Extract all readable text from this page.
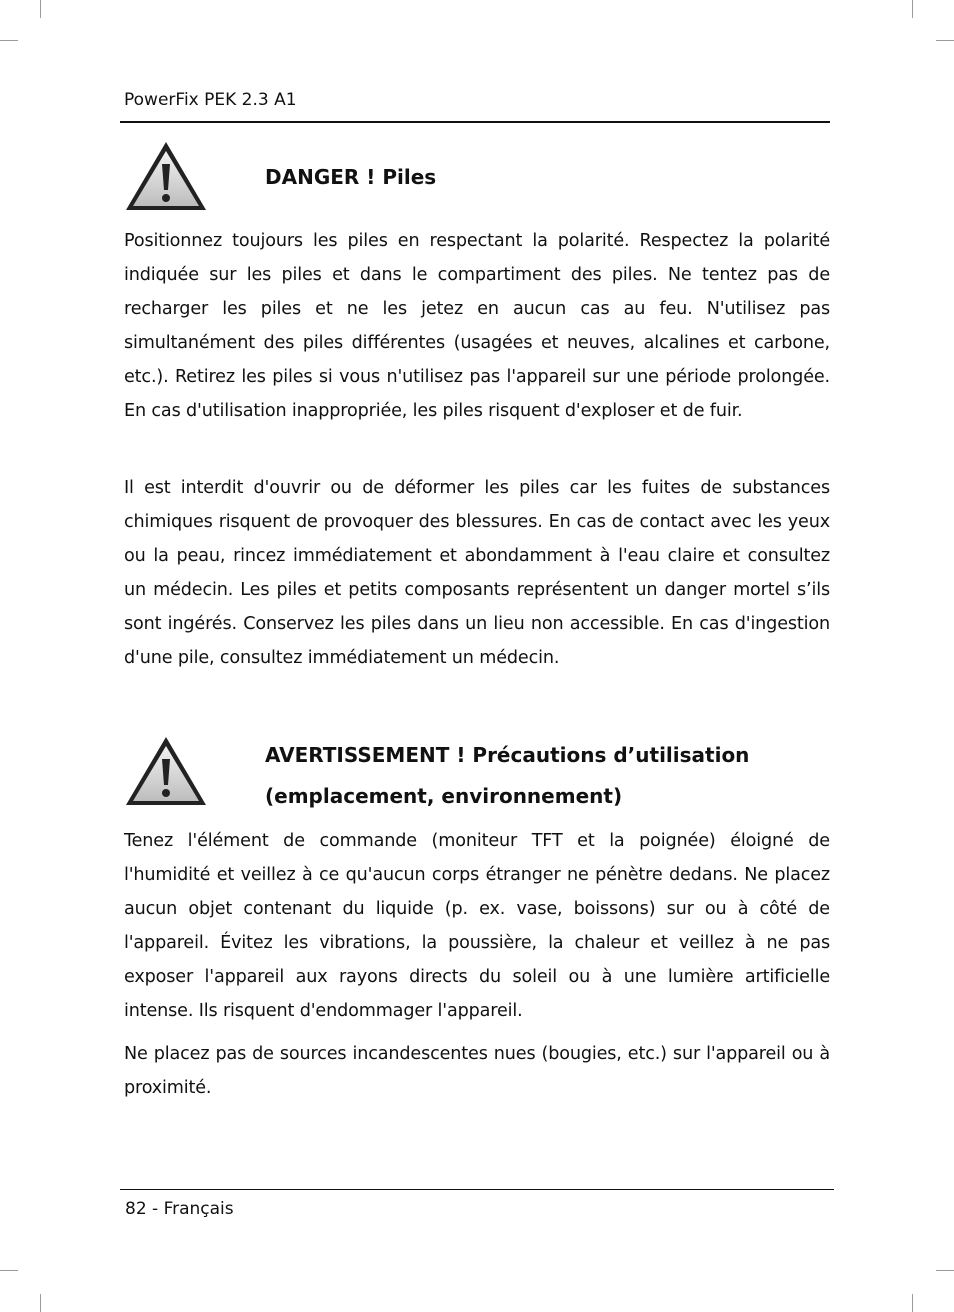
PowerFix PEK 2.3 A1
DANGER ! Piles

Positionnez toujours les piles en respectant la polarité. Respectez la polarité indiquée sur les piles et dans le compartiment des piles. Ne tentez pas de recharger les piles et ne les jetez en aucun cas au feu. N'utilisez pas simultanément des piles différentes (usagées et neuves, alcalines et carbone, etc.). Retirez les piles si vous n'utilisez pas l'appareil sur une période prolongée. En cas d'utilisation inappropriée, les piles risquent d'exploser et de fuir.

Il est interdit d'ouvrir ou de déformer les piles car les fuites de substances chimiques risquent de provoquer des blessures. En cas de contact avec les yeux ou la peau, rincez immédiatement et abondamment à l'eau claire et consultez un médecin. Les piles et petits composants représentent un danger mortel s’ils sont ingérés. Conservez les piles dans un lieu non accessible. En cas d'ingestion d'une pile, consultez immédiatement un médecin.

AVERTISSEMENT ! Précautions d’utilisation
(emplacement, environnement)

Tenez l'élément de commande (moniteur TFT et la poignée) éloigné de l'humidité et veillez à ce qu'aucun corps étranger ne pénètre dedans. Ne placez aucun objet contenant du liquide (p. ex. vase, boissons) sur ou à côté de l'appareil. Évitez les vibrations, la poussière, la chaleur et veillez à ne pas exposer l'appareil aux rayons directs du soleil ou à une lumière artificielle intense. Ils risquent d'endommager l'appareil.

Ne placez pas de sources incandescentes nues (bougies, etc.) sur l'appareil ou à proximité.

82 - Français
